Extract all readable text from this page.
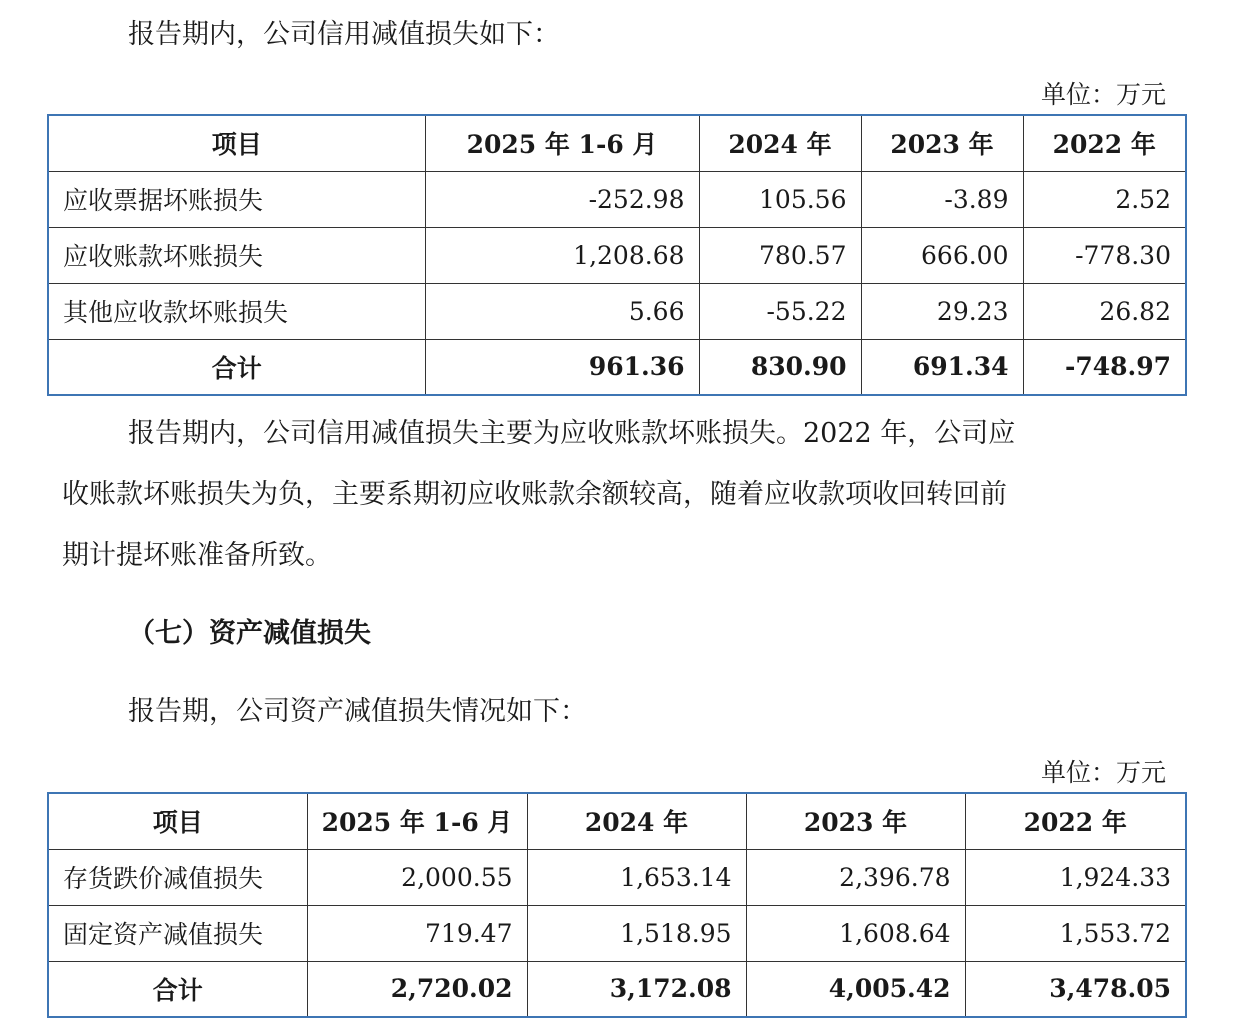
报告期内，公司信用减值损失如下：
单位：万元
项目	2025 年 1-6 月	2024 年	2023 年	2022 年
应收票据坏账损失	-252.98	105.56	-3.89	2.52
应收账款坏账损失	1,208.68	780.57	666.00	-778.30
其他应收款坏账损失	5.66	-55.22	29.23	26.82
合计	961.36	830.90	691.34	-748.97
报告期内，公司信用减值损失主要为应收账款坏账损失。2022 年，公司应
收账款坏账损失为负，主要系期初应收账款余额较高，随着应收款项收回转回前
期计提坏账准备所致。
（七）资产减值损失
报告期，公司资产减值损失情况如下：
单位：万元
项目	2025 年 1-6 月	2024 年	2023 年	2022 年
存货跌价减值损失	2,000.55	1,653.14	2,396.78	1,924.33
固定资产减值损失	719.47	1,518.95	1,608.64	1,553.72
合计	2,720.02	3,172.08	4,005.42	3,478.05
